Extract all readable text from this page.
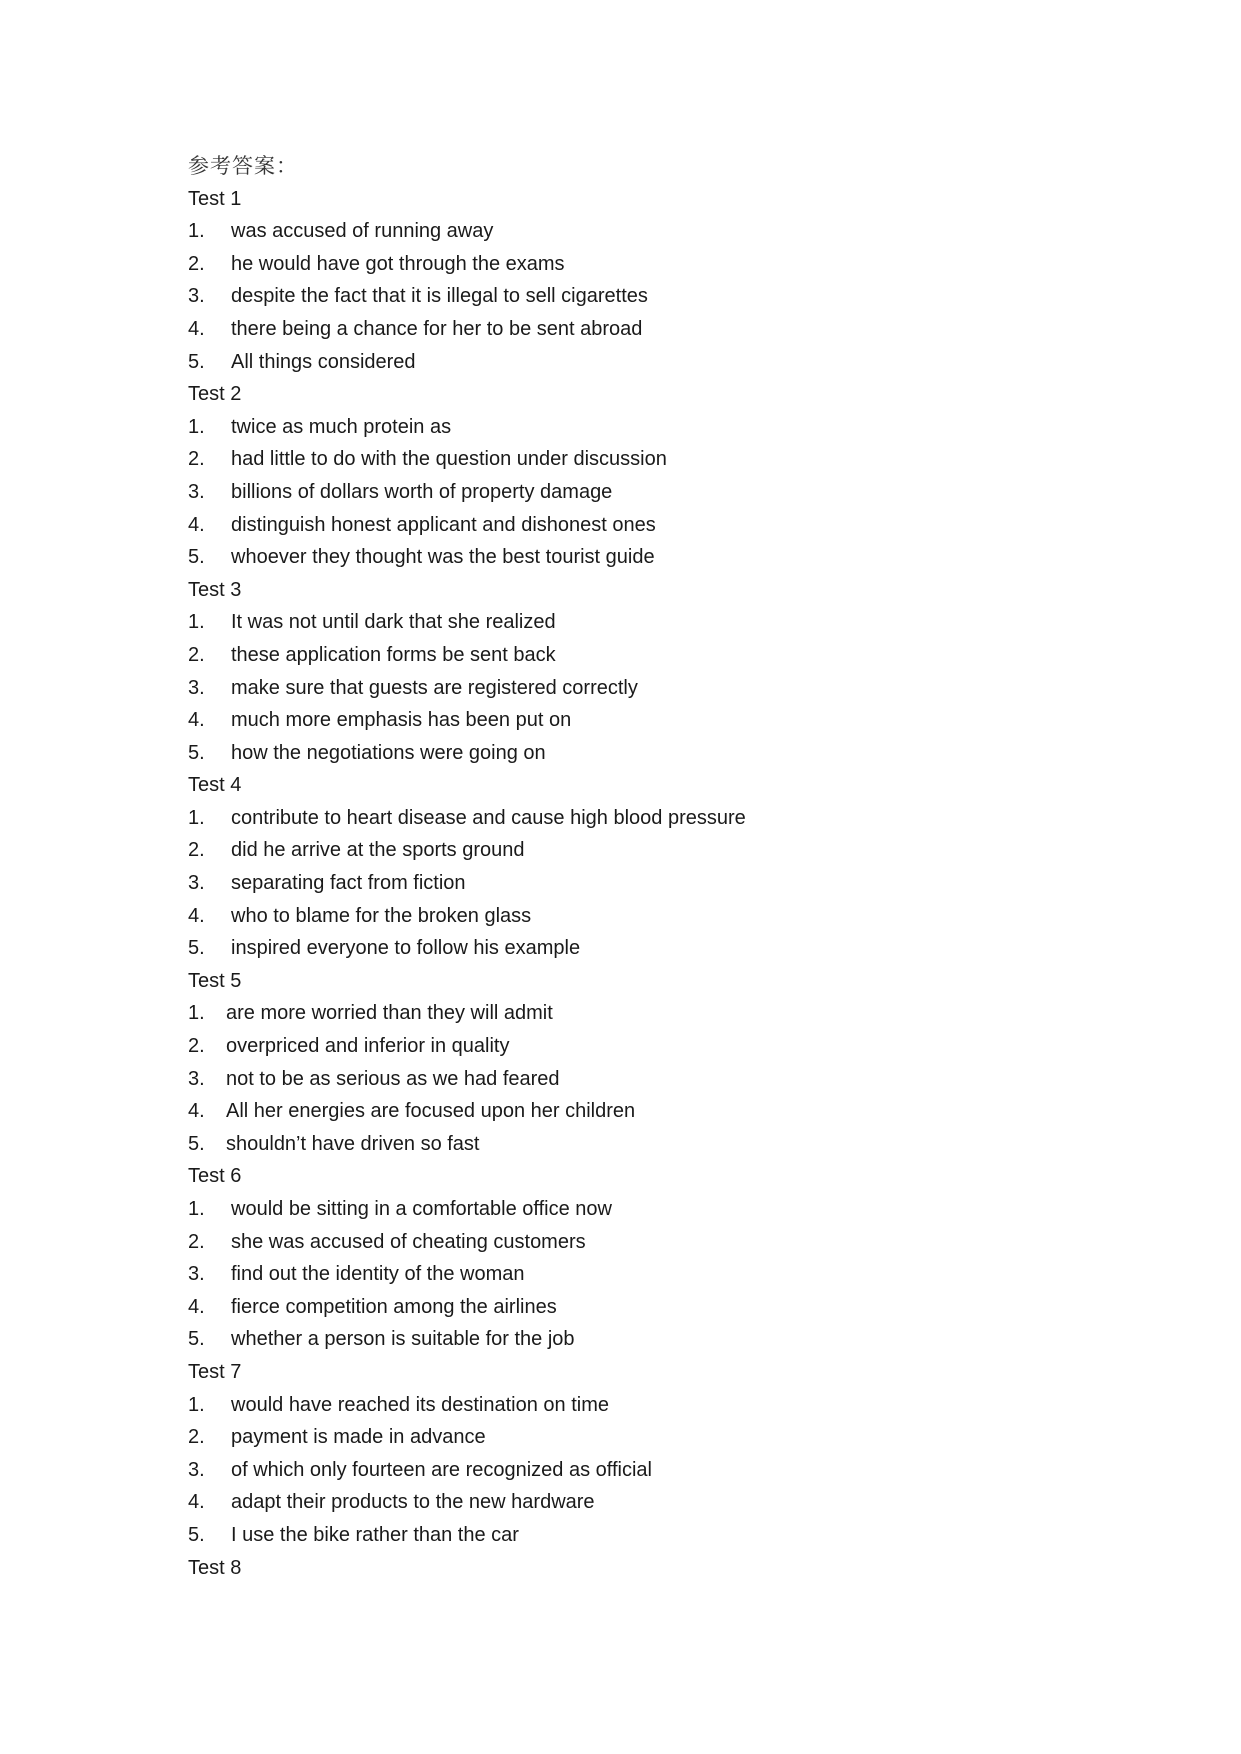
参考答案：
Test 1
1.	was accused of running away
2.	he would have got through the exams
3.	despite the fact that it is illegal to sell cigarettes
4.	there being a chance for her to be sent abroad
5.	All things considered
Test 2
1.	twice as much protein as
2.	had little to do with the question under discussion
3.	billions of dollars worth of property damage
4.	distinguish honest applicant and dishonest ones
5.	whoever they thought was the best tourist guide
Test 3
1.	It was not until dark that she realized
2.	these application forms be sent back
3.	make sure that guests are registered correctly
4.	much more emphasis has been put on
5.	how the negotiations were going on
Test 4
1.	contribute to heart disease and cause high blood pressure
2.	did he arrive at the sports ground
3.	separating fact from fiction
4.	who to blame for the broken glass
5.	inspired everyone to follow his example
Test 5
1.	are more worried than they will admit
2.	overpriced and inferior in quality
3.	not to be as serious as we had feared
4.	All her energies are focused upon her children
5.	shouldn’t have driven so fast
Test 6
1.	would be sitting in a comfortable office now
2.	she was accused of cheating customers
3.	find out the identity of the woman
4.	fierce competition among the airlines
5.	whether a person is suitable for the job
Test 7
1.	would have reached its destination on time
2.	payment is made in advance
3.	of which only fourteen are recognized as official
4.	adapt their products to the new hardware
5.	I use the bike rather than the car
Test 8
